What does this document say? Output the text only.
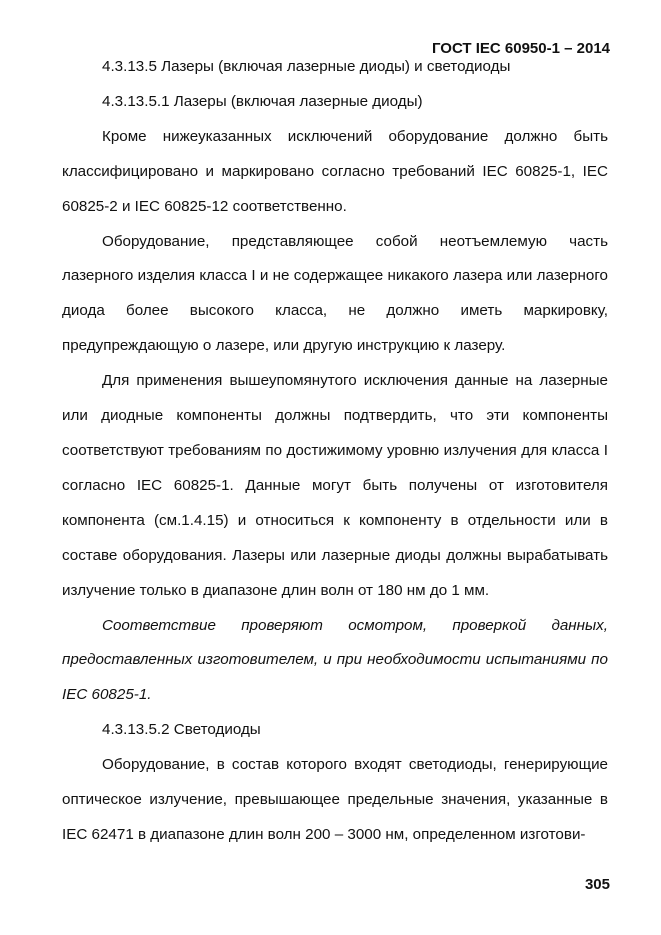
ГОСТ IEC 60950-1 – 2014

4.3.13.5 Лазеры (включая лазерные диоды) и светодиоды

4.3.13.5.1 Лазеры (включая лазерные диоды)

Кроме нижеуказанных исключений оборудование должно быть классифицировано и маркировано согласно требований IEC 60825-1, IEC 60825-2 и IEC 60825-12 соответственно.

Оборудование, представляющее собой неотъемлемую часть лазерного изделия класса I и не содержащее никакого лазера или лазерного диода более высокого класса, не должно иметь маркировку, предупреждающую о лазере, или другую инструкцию к лазеру.

Для применения вышеупомянутого исключения данные на лазерные или диодные компоненты должны подтвердить, что эти компоненты соответствуют требованиям по достижимому уровню излучения для класса I согласно IEC 60825-1. Данные могут быть получены от изготовителя компонента (см.1.4.15) и относиться к компоненту в отдельности или в составе оборудования. Лазеры или лазерные диоды должны вырабатывать излучение только в диапазоне длин волн от 180 нм до 1 мм.

Соответствие проверяют осмотром, проверкой данных, предоставленных изготовителем, и при необходимости испытаниями по IEC 60825-1.

4.3.13.5.2 Светодиоды

Оборудование, в состав которого входят светодиоды, генерирующие оптическое излучение, превышающее предельные значения, указанные в IEC 62471 в диапазоне длин волн 200 – 3000 нм, определенном изготови-

305
